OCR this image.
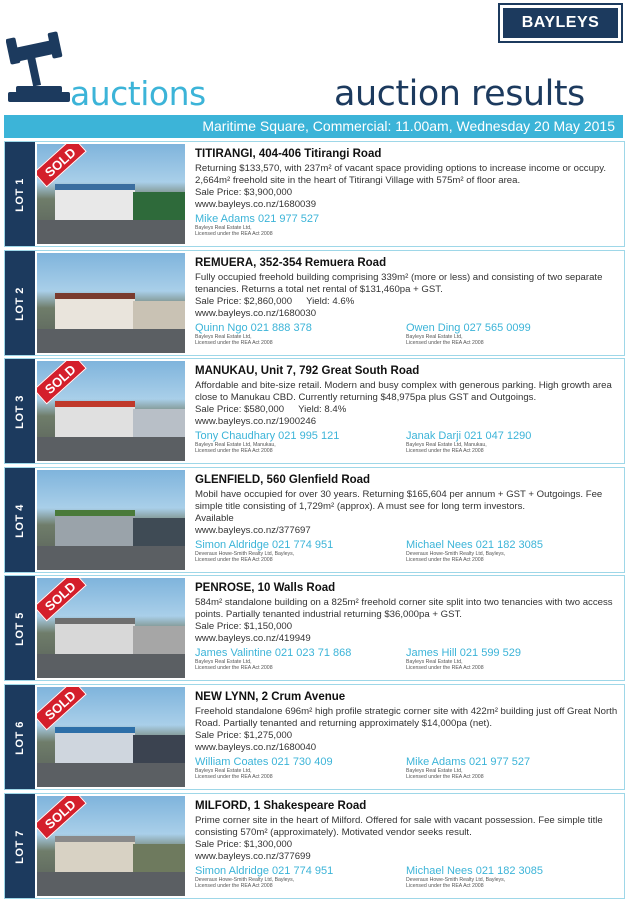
BAYLEYS
auctions	auction results
Maritime Square, Commercial: 11.00am, Wednesday 20 May 2015
LOT 1
SOLD	TITIRANGI, 404-406 Titirangi Road
Returning $133,570, with 237m² of vacant space providing options to increase income or occupy. 2,664m² freehold site in the heart of Titirangi Village with 575m² of floor area.
Sale Price: $3,900,000
www.bayleys.co.nz/1680039
Mike Adams 021 977 527
Bayleys Real Estate Ltd,
Licensed under the REA Act 2008
LOT 2
REMUERA, 352-354 Remuera Road
Fully occupied freehold building comprising 339m² (more or less) and consisting of two separate tenancies. Returns a total net rental of $131,460pa + GST.
Sale Price: $2,860,000 Yield: 4.6%
www.bayleys.co.nz/1680030
Quinn Ngo 021 888 378
Bayleys Real Estate Ltd,
Licensed under the REA Act 2008
Owen Ding 027 565 0099
Bayleys Real Estate Ltd,
Licensed under the REA Act 2008
LOT 3
SOLD	MANUKAU, Unit 7, 792 Great South Road
Affordable and bite-size retail. Modern and busy complex with generous parking. High growth area close to Manukau CBD. Currently returning $48,975pa plus GST and Outgoings.
Sale Price: $580,000 Yield: 8.4%
www.bayleys.co.nz/1900246
Tony Chaudhary 021 995 121
Bayleys Real Estate Ltd, Manukau,
Licensed under the REA Act 2008
Janak Darji 021 047 1290
Bayleys Real Estate Ltd, Manukau,
Licensed under the REA Act 2008
LOT 4
GLENFIELD, 560 Glenfield Road
Mobil have occupied for over 30 years. Returning $165,604 per annum + GST + Outgoings. Fee simple title consisting of 1,729m² (approx). A must see for long term investors.
Available
www.bayleys.co.nz/377697
Simon Aldridge 021 774 951
Deveraux Howe-Smith Realty Ltd, Bayleys,
Licensed under the REA Act 2008
Michael Nees 021 182 3085
Deveraux Howe-Smith Realty Ltd, Bayleys,
Licensed under the REA Act 2008
LOT 5
SOLD	PENROSE, 10 Walls Road
584m² standalone building on a 825m² freehold corner site split into two tenancies with two access points. Partially tenanted industrial returning $36,000pa + GST.
Sale Price: $1,150,000
www.bayleys.co.nz/419949
James Valintine 021 023 71 868
Bayleys Real Estate Ltd,
Licensed under the REA Act 2008
James Hill 021 599 529
Bayleys Real Estate Ltd,
Licensed under the REA Act 2008
LOT 6
SOLD	NEW LYNN, 2 Crum Avenue
Freehold standalone 696m² high profile strategic corner site with 422m² building just off Great North Road. Partially tenanted and returning approximately $14,000pa (net).
Sale Price: $1,275,000
www.bayleys.co.nz/1680040
William Coates 021 730 409
Bayleys Real Estate Ltd,
Licensed under the REA Act 2008
Mike Adams 021 977 527
Bayleys Real Estate Ltd,
Licensed under the REA Act 2008
LOT 7
SOLD	MILFORD, 1 Shakespeare Road
Prime corner site in the heart of Milford. Offered for sale with vacant possession. Fee simple title consisting 570m² (approximately). Motivated vendor seeks result.
Sale Price: $1,300,000
www.bayleys.co.nz/377699
Simon Aldridge 021 774 951
Deveraux Howe-Smith Realty Ltd, Bayleys,
Licensed under the REA Act 2008
Michael Nees 021 182 3085
Deveraux Howe-Smith Realty Ltd, Bayleys,
Licensed under the REA Act 2008
